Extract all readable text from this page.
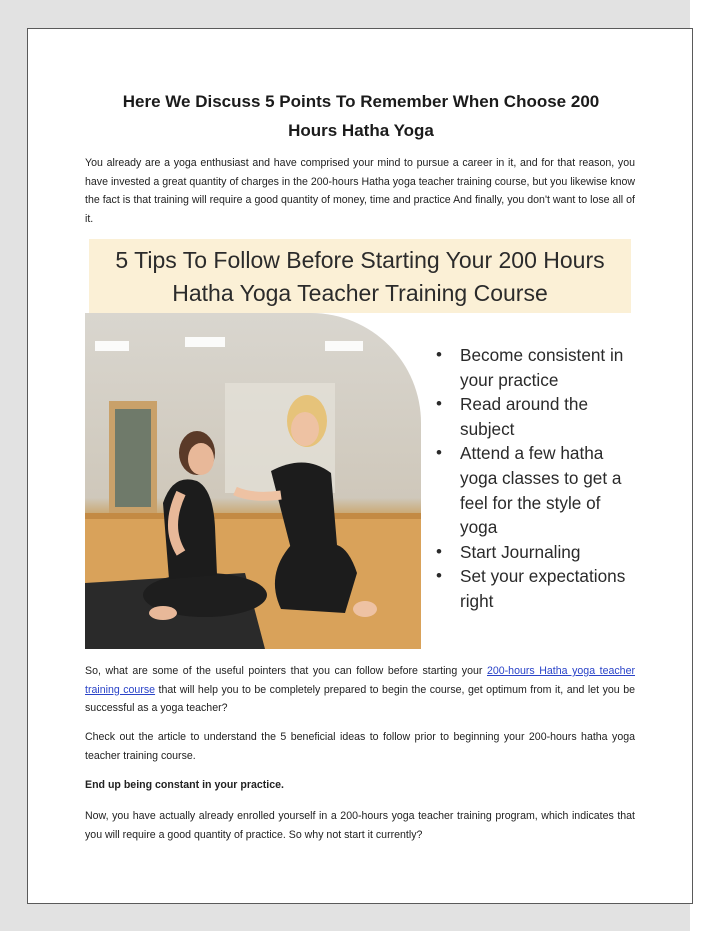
Here We Discuss 5 Points To Remember When Choose 200 Hours Hatha Yoga

You already are a yoga enthusiast and have comprised your mind to pursue a career in it, and for that reason, you have invested a great quantity of charges in the 200-hours Hatha yoga teacher training course, but you likewise know the fact is that training will require a good quantity of money, time and practice And finally, you don't want to lose all of it.

5 Tips To Follow Before Starting Your 200 Hours
Hatha Yoga Teacher Training Course
• Become consistent in your practice
• Read around the subject
• Attend a few hatha yoga classes to get a feel for the style of yoga
• Start Journaling
• Set your expectations right

So, what are some of the useful pointers that you can follow before starting your 200-hours Hatha yoga teacher training course that will help you to be completely prepared to begin the course, get optimum from it, and let you be successful as a yoga teacher?

Check out the article to understand the 5 beneficial ideas to follow prior to beginning your 200-hours hatha yoga teacher training course.

End up being constant in your practice.

Now, you have actually already enrolled yourself in a 200-hours yoga teacher training program, which indicates that you will require a good quantity of practice. So why not start it currently?
